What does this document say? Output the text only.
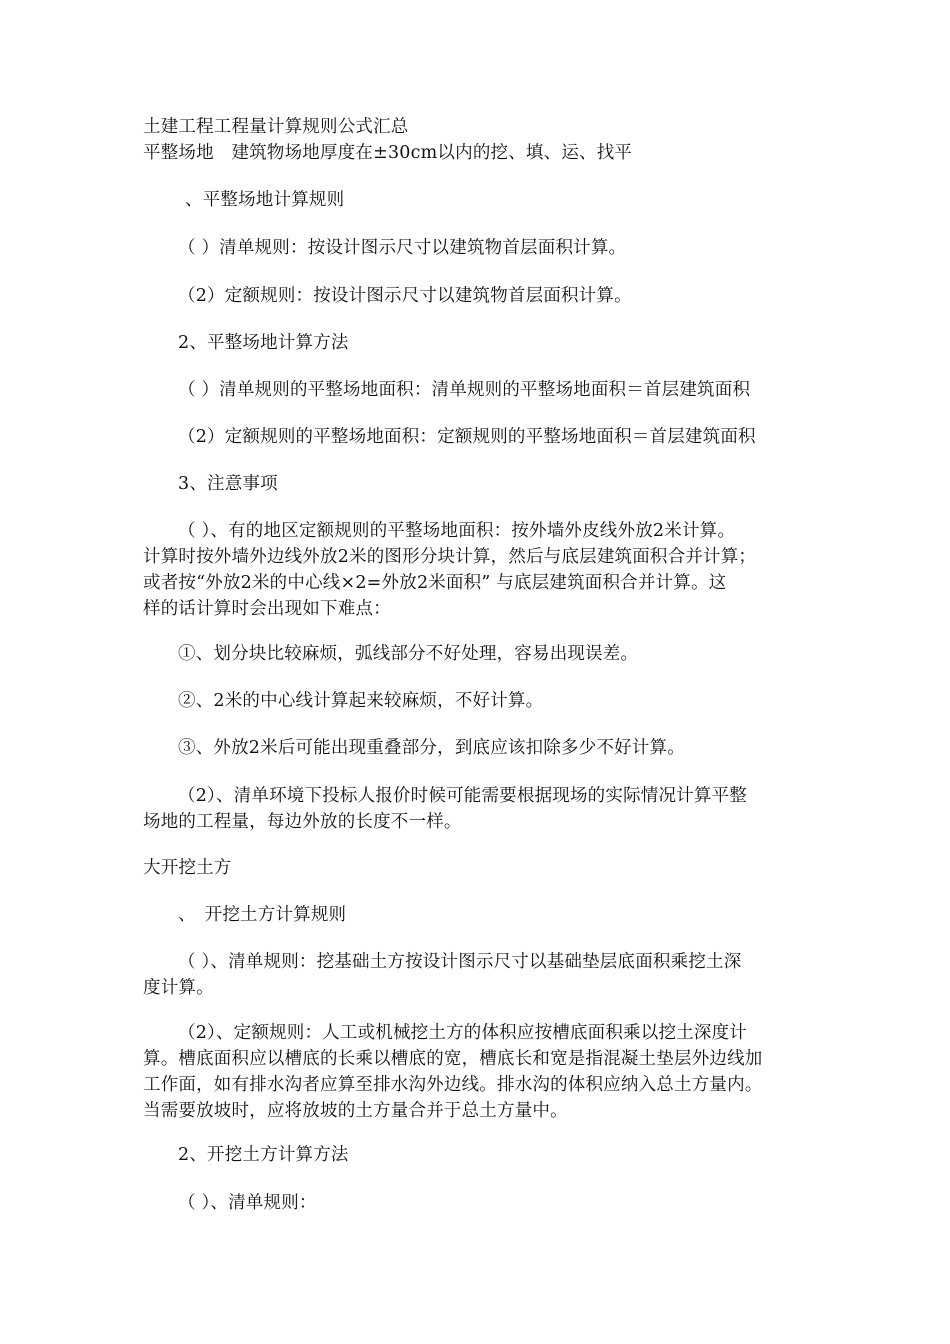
土建工程工程量计算规则公式汇总
平整场地　建筑物场地厚度在±30cm以内的挖、填、运、找平
、平整场地计算规则
（ ）清单规则：按设计图示尺寸以建筑物首层面积计算。
（2）定额规则：按设计图示尺寸以建筑物首层面积计算。
2、平整场地计算方法
（ ）清单规则的平整场地面积：清单规则的平整场地面积＝首层建筑面积
（2）定额规则的平整场地面积：定额规则的平整场地面积＝首层建筑面积
3、注意事项
（ ）、有的地区定额规则的平整场地面积：按外墙外皮线外放2米计算。
计算时按外墙外边线外放2米的图形分块计算，然后与底层建筑面积合并计算；
或者按“外放2米的中心线×2=外放2米面积” 与底层建筑面积合并计算。这
样的话计算时会出现如下难点：
①、划分块比较麻烦，弧线部分不好处理，容易出现误差。
②、2米的中心线计算起来较麻烦，不好计算。
③、外放2米后可能出现重叠部分，到底应该扣除多少不好计算。
（2）、清单环境下投标人报价时候可能需要根据现场的实际情况计算平整
场地的工程量，每边外放的长度不一样。
大开挖土方
、　开挖土方计算规则
（ ）、清单规则：挖基础土方按设计图示尺寸以基础垫层底面积乘挖土深
度计算。
（2）、定额规则：人工或机械挖土方的体积应按槽底面积乘以挖土深度计
算。槽底面积应以槽底的长乘以槽底的宽，槽底长和宽是指混凝土垫层外边线加
工作面，如有排水沟者应算至排水沟外边线。排水沟的体积应纳入总土方量内。
当需要放坡时，应将放坡的土方量合并于总土方量中。
2、开挖土方计算方法
（ ）、清单规则：
